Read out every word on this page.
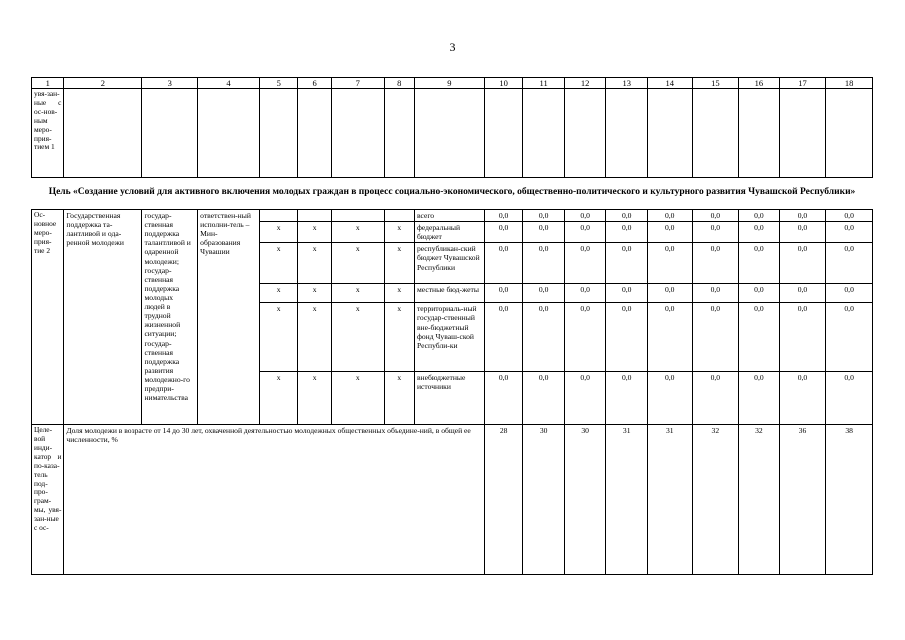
3
1	2	3	4	5	6	7	8	9	10	11	12	13	14	15	16	17	18
увя-зан-ные с ос-нов-ным меро-прия-тием 1																	
Цель «Создание условий для активного включения молодых граждан в процесс социально-экономического, общественно-политического и культурного развития Чувашской Республики»
Ос-новное меро-прия-тие 2	Государственная поддержка та-лантливой и ода-ренной молодежи	государ-ственная поддержка талантливой и одаренной молодежи; государ-ственная поддержка молодых людей в трудной жизненной ситуации; государ-ственная поддержка развития молодежно-го предпри-нимательства	ответствен-ный исполни-тель – Мин-образования Чувашии					всего	0,0	0,0	0,0	0,0	0,0	0,0	0,0	0,0	0,0
				x	x	x	x	федеральный бюджет	0,0	0,0	0,0	0,0	0,0	0,0	0,0	0,0	0,0
				x	x	x	x	республикан-ский бюджет Чувашской Республики	0,0	0,0	0,0	0,0	0,0	0,0	0,0	0,0	0,0
				x	x	x	x	местные бюд-жеты	0,0	0,0	0,0	0,0	0,0	0,0	0,0	0,0	0,0
				x	x	x	x	территориаль-ный государ-ственный вне-бюджетный фонд Чуваш-ской Республи-ки	0,0	0,0	0,0	0,0	0,0	0,0	0,0	0,0	0,0
				x	x	x	x	внебюджетные источники	0,0	0,0	0,0	0,0	0,0	0,0	0,0	0,0	0,0
Целе-вой инди-катор и по-каза-тель под-про-грам-мы, увя-зан-ные с ос-	Доля молодежи в возрасте от 14 до 30 лет, охваченной деятельностью молодежных общественных объедине-ний, в общей ее численности, %								28	30	30	31	31	32	32	36	38
